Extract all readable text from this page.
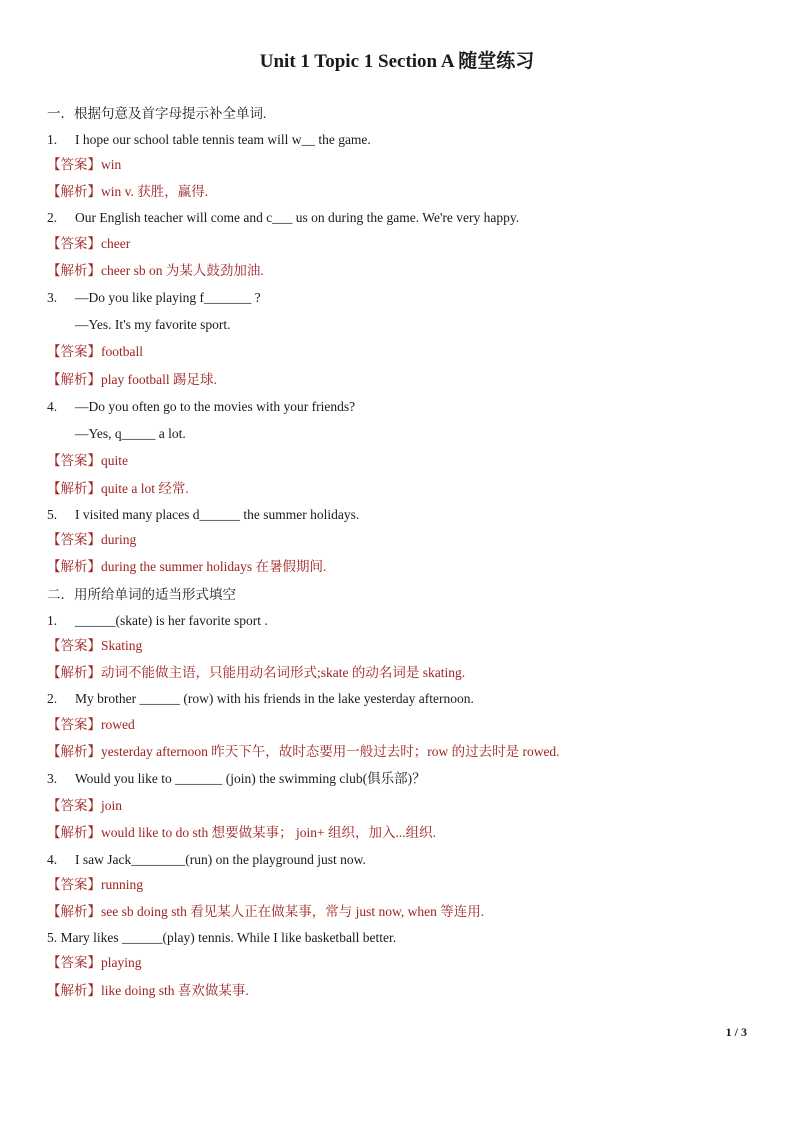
Unit 1 Topic 1 Section A 随堂练习
一．根据句意及首字母提示补全单词.
1. I hope our school table tennis team will w__ the game.
【答案】win
【解析】win v. 获胜，赢得.
2. Our English teacher will come and c___ us on during the game. We're very happy.
【答案】cheer
【解析】cheer sb on 为某人鼓劲加油.
3. —Do you like playing f_______ ?
—Yes. It's my favorite sport.
【答案】football
【解析】play football 踢足球.
4. —Do you often go to the movies with your friends?
—Yes, q_____ a lot.
【答案】quite
【解析】quite a lot 经常.
5. I visited many places d______ the summer holidays.
【答案】during
【解析】during the summer holidays 在暑假期间.
二．用所给单词的适当形式填空
1. ______(skate) is her favorite sport .
【答案】Skating
【解析】动词不能做主语，只能用动名词形式;skate 的动名词是 skating.
2. My brother ______ (row) with his friends in the lake yesterday afternoon.
【答案】rowed
【解析】yesterday afternoon 昨天下午，故时态要用一般过去时；row 的过去时是 rowed.
3. Would you like to _______ (join) the swimming club(俱乐部)？
【答案】join
【解析】would like to do sth 想要做某事； join+ 组织，加入...组织.
4. I saw Jack________(run) on the playground just now.
【答案】running
【解析】see sb doing sth 看见某人正在做某事，常与 just now, when 等连用.
5. Mary likes ______(play) tennis. While I like basketball better.
【答案】playing
【解析】like doing sth 喜欢做某事.
1 / 3
